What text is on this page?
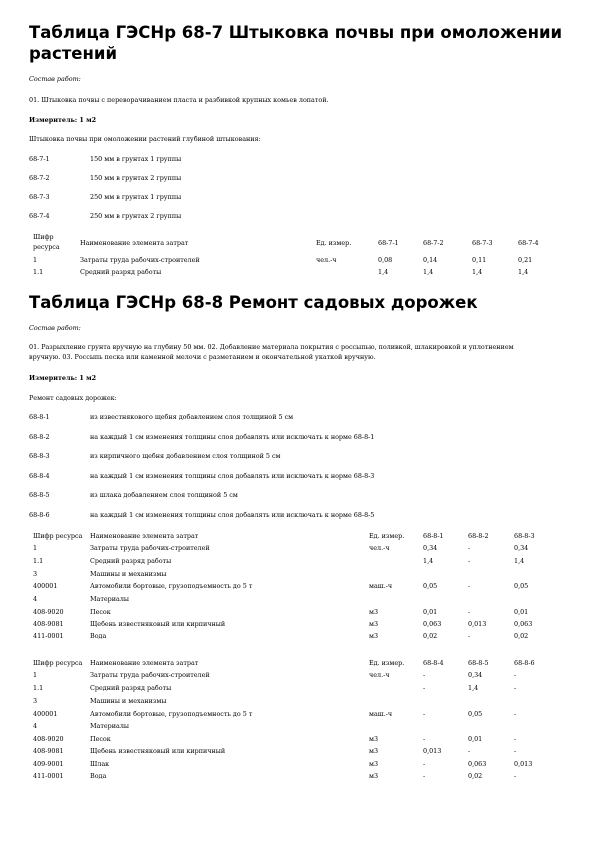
Таблица ГЭСНр 68-7 Штыковка почвы при омоложении растений
Состав работ:
01. Штыковка почвы с переворачиванием пласта и разбивкой крупных комьев лопатой.
Измеритель: 1 м2
Штыковка почвы при омоложении растений глубиной штыкования:
68-7-1	150 мм в грунтах 1 группы
68-7-2	150 мм в грунтах 2 группы
68-7-3	250 мм в грунтах 1 группы
68-7-4	250 мм в грунтах 2 группы
Шифр ресурса	Наименование элемента затрат	Ед. измер.	68-7-1	68-7-2	68-7-3	68-7-4
1	Затраты труда рабочих-строителей	чел.-ч	0,08	0,14	0,11	0,21
1.1	Средний разряд работы	1,4	1,4	1,4	1,4
Таблица ГЭСНр 68-8 Ремонт садовых дорожек
Состав работ:
01. Разрыхление грунта вручную на глубину 50 мм. 02. Добавление материала покрытия с россыпью, поливкой, шлакировкой и уплотнением вручную. 03. Россыпь песка или каменной мелочи с разметанием и окончательной укаткой вручную.
Измеритель: 1 м2
Ремонт садовых дорожек:
68-8-1	из известнякового щебня добавлением слоя толщиной 5 см
68-8-2	на каждый 1 см изменения толщины слоя добавлять или исключать к норме 68-8-1
68-8-3	из кирпичного щебня добавлением слоя толщиной 5 см
68-8-4	на каждый 1 см изменения толщины слоя добавлять или исключать к норме 68-8-3
68-8-5	из шлака добавлением слоя толщиной 5 см
68-8-6	на каждый 1 см изменения толщины слоя добавлять или исключать к норме 68-8-5
Шифр ресурса Наименование элемента затрат	Ед. измер.	68-8-1	68-8-2	68-8-3
1	Затраты труда рабочих-строителей	чел.-ч	0,34	-	0,34
1.1	Средний разряд работы	1,4	-	1,4
3	Машины и механизмы
400001	Автомобили бортовые, грузоподъемность до 5 т	маш.-ч	0,05	-	0,05
4	Материалы
408-9020	Песок	м3	0,01	-	0,01
408-9081	Щебень известняковый или кирпичный	м3	0,063	0,013	0,063
411-0001	Вода	м3	0,02	-	0,02
Шифр ресурса Наименование элемента затрат	Ед. измер.	68-8-4	68-8-5	68-8-6
1	Затраты труда рабочих-строителей	чел.-ч	-	0,34	-
1.1	Средний разряд работы	-	1,4	-
3	Машины и механизмы
400001	Автомобили бортовые, грузоподъемность до 5 т	маш.-ч	-	0,05	-
4	Материалы
408-9020	Песок	м3	-	0,01	-
408-9081	Щебень известняковый или кирпичный	м3	0,013	-	-
409-9001	Шлак	м3	-	0,063	0,013
411-0001	Вода	м3	-	0,02	-
